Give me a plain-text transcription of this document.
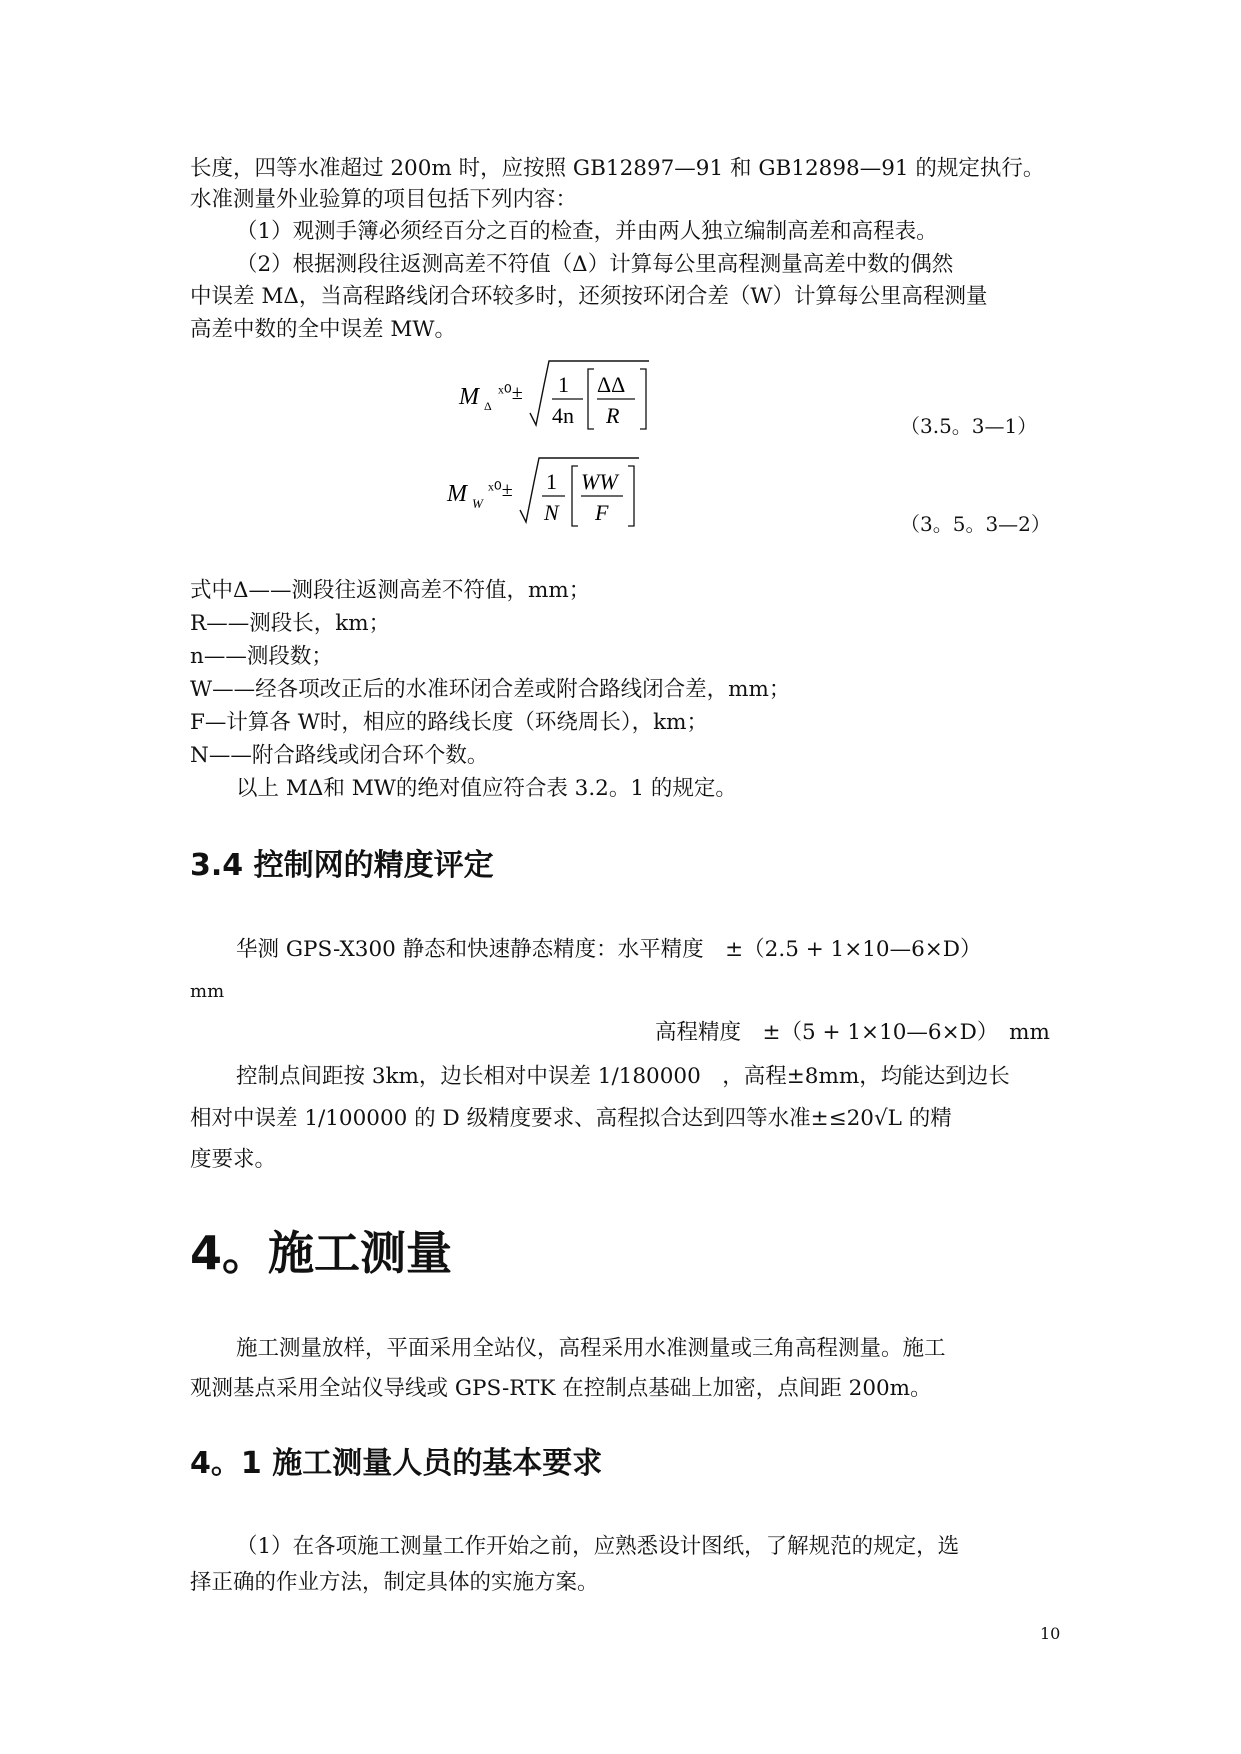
长度，四等水准超过 200m 时，应按照 GB12897—91 和 GB12898—91 的规定执行。
水准测量外业验算的项目包括下列内容：
（1）观测手簿必须经百分之百的检查，并由两人独立编制高差和高程表。
（2）根据测段往返测高差不符值（Δ）计算每公里高程测量高差中数的偶然
中误差 MΔ，当高程路线闭合环较多时，还须按环闭合差（W）计算每公里高程测量
高差中数的全中误差 MW。
M Δ
ˣ⁰± 1
4n
ΔΔ
R	（3.5。3—1）
M W
ˣ⁰± 1
N
WW
F	（3。5。3—2）
式中Δ——测段往返测高差不符值，mm；
R——测段长，km；
n——测段数；
W——经各项改正后的水准环闭合差或附合路线闭合差，mm；
F—计算各 W时，相应的路线长度（环绕周长），km；
N——附合路线或闭合环个数。
以上 MΔ和 MW的绝对值应符合表 3.2。1 的规定。
3.4 控制网的精度评定
华测 GPS-X300 静态和快速静态精度：水平精度　±（2.5 + 1×10—6×D）
mm
高程精度　±（5 + 1×10—6×D）　mm
控制点间距按 3km，边长相对中误差 1/180000　，高程±8mm，均能达到边长
相对中误差 1/100000 的 D 级精度要求、高程拟合达到四等水准±≤20√L 的精
度要求。
4。施工测量
施工测量放样，平面采用全站仪，高程采用水准测量或三角高程测量。施工
观测基点采用全站仪导线或 GPS-RTK 在控制点基础上加密，点间距 200m。
4。1 施工测量人员的基本要求
（1）在各项施工测量工作开始之前，应熟悉设计图纸，了解规范的规定，选
择正确的作业方法，制定具体的实施方案。
10
